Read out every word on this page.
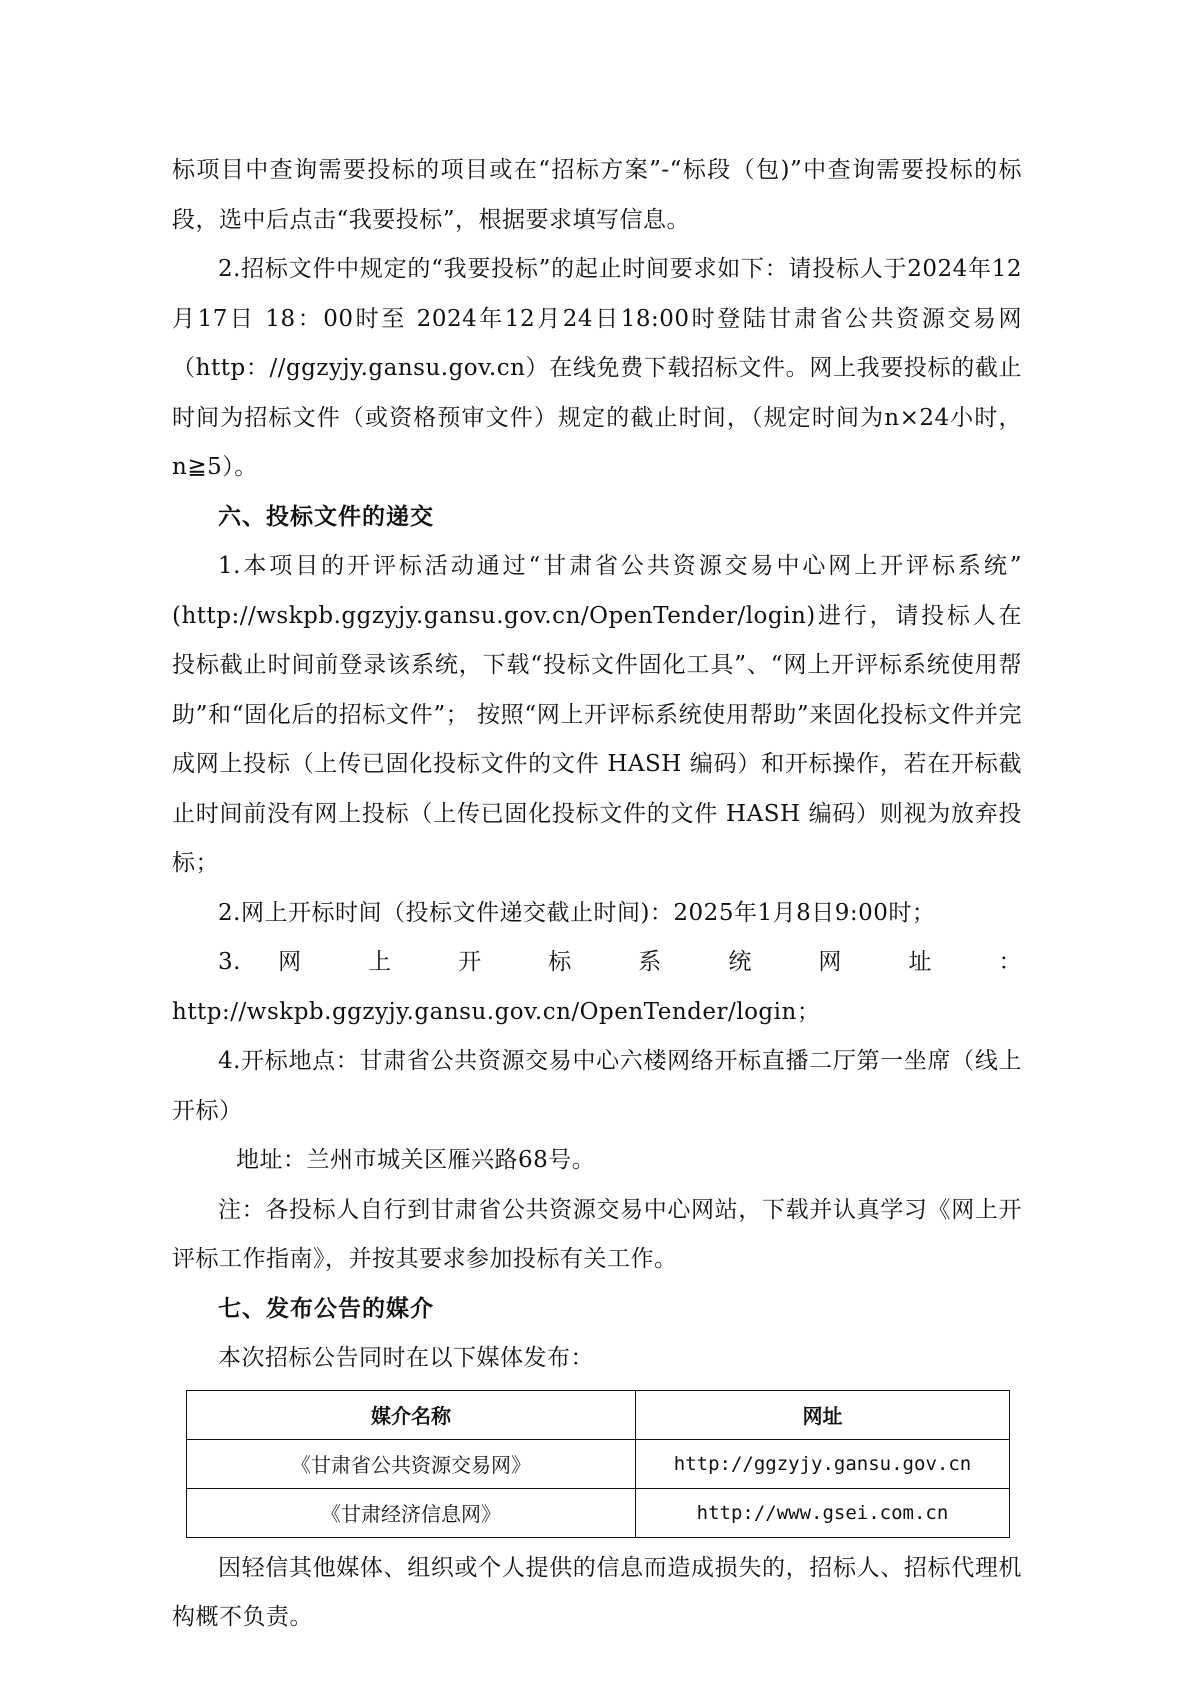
标项目中查询需要投标的项目或在“招标方案”-“标段（包)”中查询需要投标的标段，选中后点击“我要投标”，根据要求填写信息。

2.招标文件中规定的“我要投标”的起止时间要求如下：请投标人于2024年12月17日 18：00时至 2024年12月24日18:00时登陆甘肃省公共资源交易网（http：//ggzyjy.gansu.gov.cn）在线免费下载招标文件。网上我要投标的截止时间为招标文件（或资格预审文件）规定的截止时间，（规定时间为n×24小时，n≧5）。

六、投标文件的递交

1.本项目的开评标活动通过“甘肃省公共资源交易中心网上开评标系统” (http://wskpb.ggzyjy.gansu.gov.cn/OpenTender/login)进行，请投标人在投标截止时间前登录该系统，下载“投标文件固化工具”、“网上开评标系统使用帮助”和“固化后的招标文件”； 按照“网上开评标系统使用帮助”来固化投标文件并完成网上投标（上传已固化投标文件的文件 HASH 编码）和开标操作，若在开标截止时间前没有网上投标（上传已固化投标文件的文件 HASH 编码）则视为放弃投标；

2.网上开标时间（投标文件递交截止时间)：2025年1月8日9:00时；

3. 网 上 开 标 系 统 网 址 ：

http://wskpb.ggzyjy.gansu.gov.cn/OpenTender/login；

4.开标地点：甘肃省公共资源交易中心六楼网络开标直播二厅第一坐席（线上开标）

地址：兰州市城关区雁兴路68号。

注：各投标人自行到甘肃省公共资源交易中心网站，下载并认真学习《网上开评标工作指南》，并按其要求参加投标有关工作。

七、发布公告的媒介

本次招标公告同时在以下媒体发布：

媒介名称	网址
《甘肃省公共资源交易网》	http://ggzyjy.gansu.gov.cn
《甘肃经济信息网》	http://www.gsei.com.cn

因轻信其他媒体、组织或个人提供的信息而造成损失的，招标人、招标代理机构概不负责。
